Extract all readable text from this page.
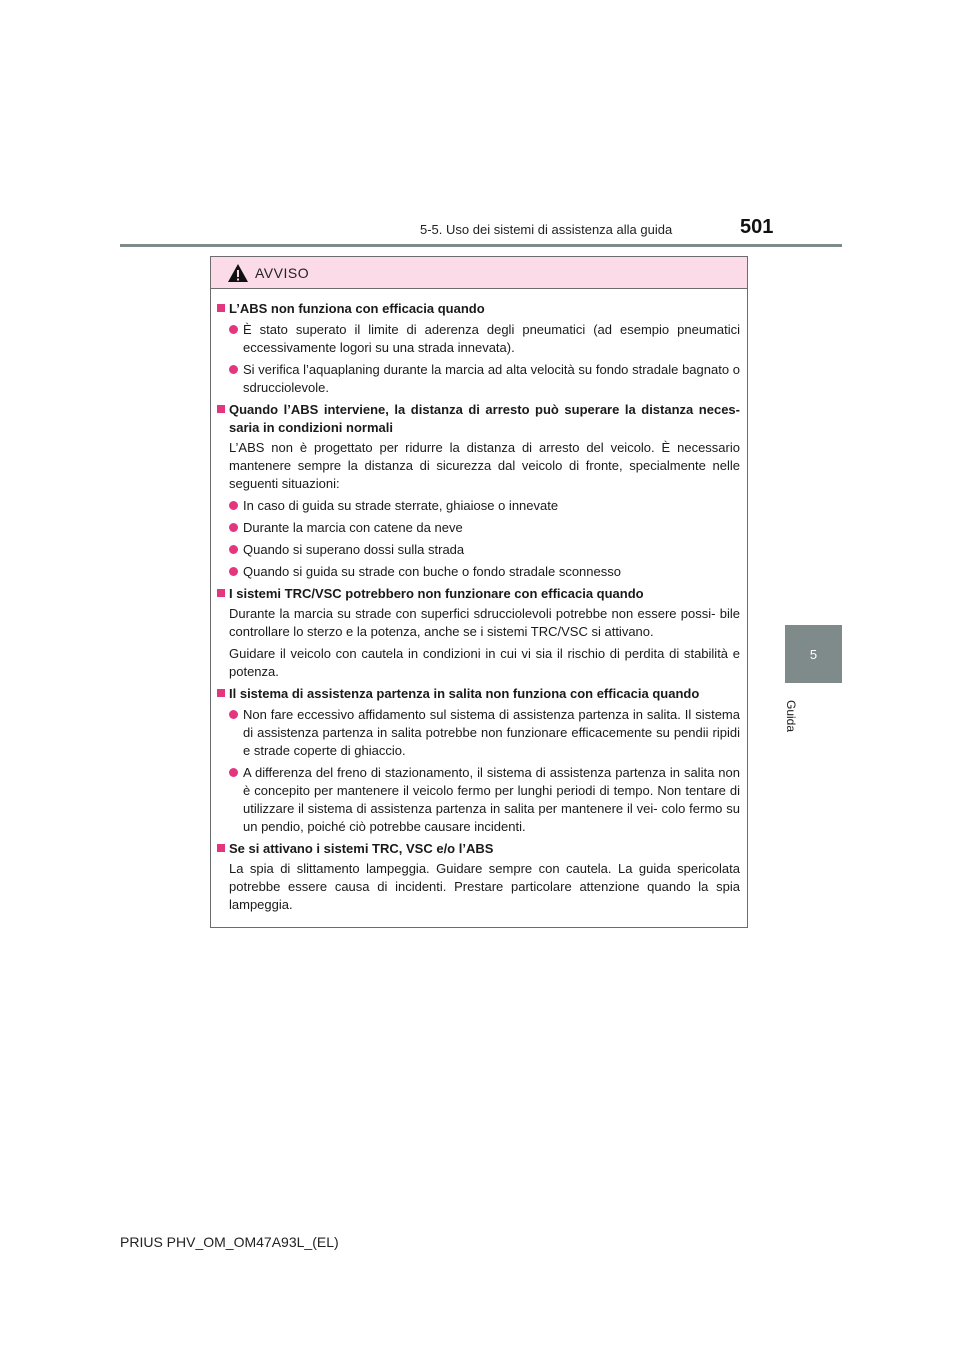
5-5. Uso dei sistemi di assistenza alla guida	501
5
Guida
AVVISO
L’ABS non funziona con efficacia quando
È stato superato il limite di aderenza degli pneumatici (ad esempio pneumatici eccessivamente logori su una strada innevata).
Si verifica l’aquaplaning durante la marcia ad alta velocità su fondo stradale bagnato o sdrucciolevole.
Quando l’ABS interviene, la distanza di arresto può superare la distanza neces- saria in condizioni normali
L’ABS non è progettato per ridurre la distanza di arresto del veicolo. È necessario mantenere sempre la distanza di sicurezza dal veicolo di fronte, specialmente nelle seguenti situazioni:
In caso di guida su strade sterrate, ghiaiose o innevate
Durante la marcia con catene da neve
Quando si superano dossi sulla strada
Quando si guida su strade con buche o fondo stradale sconnesso
I sistemi TRC/VSC potrebbero non funzionare con efficacia quando
Durante la marcia su strade con superfici sdrucciolevoli potrebbe non essere possi- bile controllare lo sterzo e la potenza, anche se i sistemi TRC/VSC si attivano.
Guidare il veicolo con cautela in condizioni in cui vi sia il rischio di perdita di stabilità e potenza.
Il sistema di assistenza partenza in salita non funziona con efficacia quando
Non fare eccessivo affidamento sul sistema di assistenza partenza in salita. Il sistema di assistenza partenza in salita potrebbe non funzionare efficacemente su pendii ripidi e strade coperte di ghiaccio.
A differenza del freno di stazionamento, il sistema di assistenza partenza in salita non è concepito per mantenere il veicolo fermo per lunghi periodi di tempo. Non tentare di utilizzare il sistema di assistenza partenza in salita per mantenere il vei- colo fermo su un pendio, poiché ciò potrebbe causare incidenti.
Se si attivano i sistemi TRC, VSC e/o l’ABS
La spia di slittamento lampeggia. Guidare sempre con cautela. La guida spericolata potrebbe essere causa di incidenti. Prestare particolare attenzione quando la spia lampeggia.
PRIUS PHV_OM_OM47A93L_(EL)
